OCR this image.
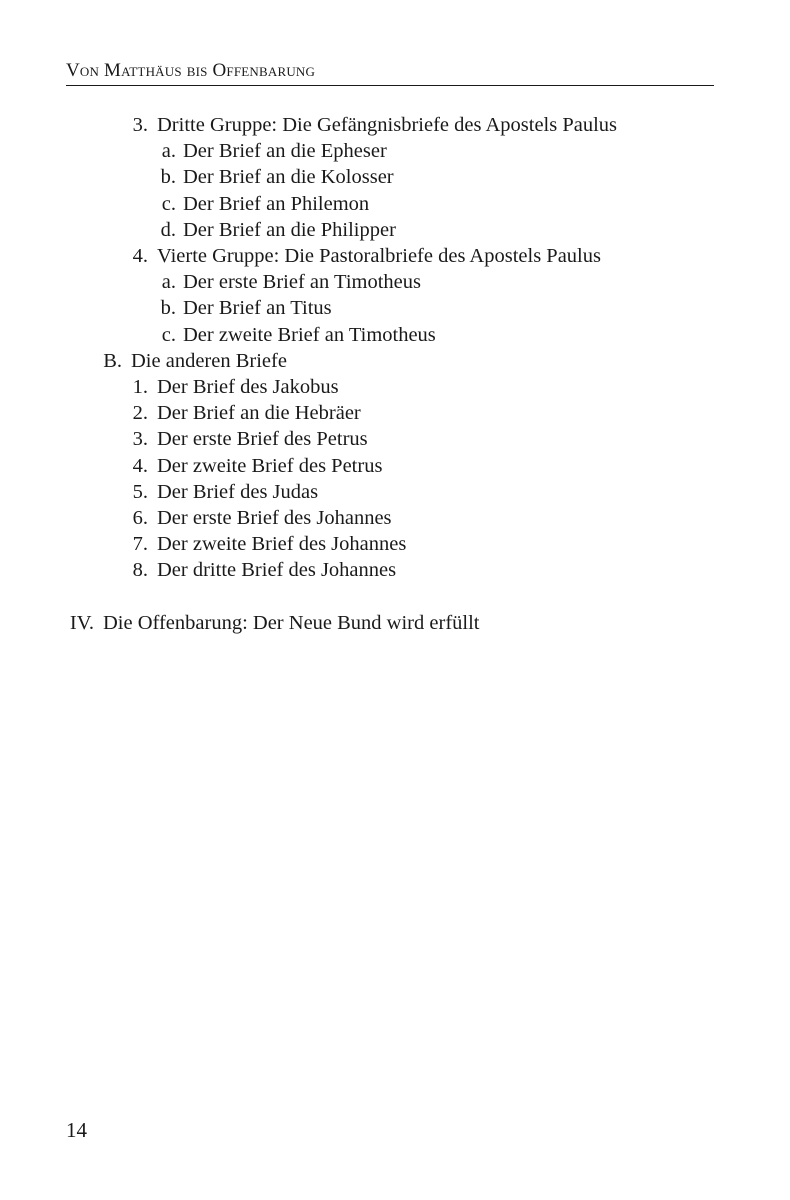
Von Matthäus bis Offenbarung
3. Dritte Gruppe: Die Gefängnisbriefe des Apostels Paulus
a. Der Brief an die Epheser
b. Der Brief an die Kolosser
c. Der Brief an Philemon
d. Der Brief an die Philipper
4. Vierte Gruppe: Die Pastoralbriefe des Apostels Paulus
a. Der erste Brief an Timotheus
b. Der Brief an Titus
c. Der zweite Brief an Timotheus
B. Die anderen Briefe
1. Der Brief des Jakobus
2. Der Brief an die Hebräer
3. Der erste Brief des Petrus
4. Der zweite Brief des Petrus
5. Der Brief des Judas
6. Der erste Brief des Johannes
7. Der zweite Brief des Johannes
8. Der dritte Brief des Johannes
IV. Die Offenbarung: Der Neue Bund wird erfüllt
14
